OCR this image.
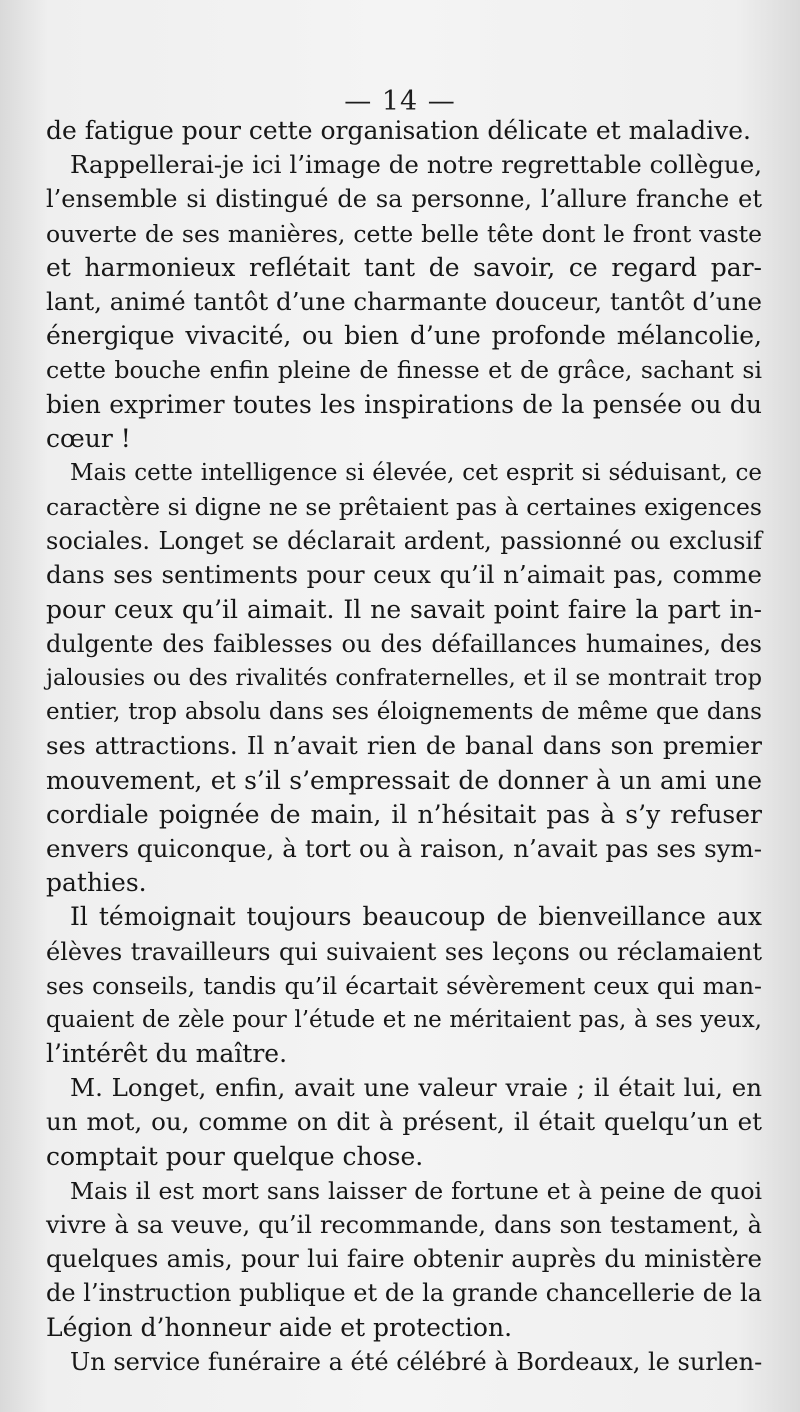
— 14 —
de fatigue pour cette organisation délicate et maladive.
Rappellerai-je ici l’image de notre regrettable collègue,
l’ensemble si distingué de sa personne, l’allure franche et
ouverte de ses manières, cette belle tête dont le front vaste
et harmonieux reflétait tant de savoir, ce regard par-
lant, animé tantôt d’une charmante douceur, tantôt d’une
énergique vivacité, ou bien d’une profonde mélancolie,
cette bouche enfin pleine de finesse et de grâce, sachant si
bien exprimer toutes les inspirations de la pensée ou du
cœur !
Mais cette intelligence si élevée, cet esprit si séduisant, ce
caractère si digne ne se prêtaient pas à certaines exigences
sociales. Longet se déclarait ardent, passionné ou exclusif
dans ses sentiments pour ceux qu’il n’aimait pas, comme
pour ceux qu’il aimait. Il ne savait point faire la part in-
dulgente des faiblesses ou des défaillances humaines, des
jalousies ou des rivalités confraternelles, et il se montrait trop
entier, trop absolu dans ses éloignements de même que dans
ses attractions. Il n’avait rien de banal dans son premier
mouvement, et s’il s’empressait de donner à un ami une
cordiale poignée de main, il n’hésitait pas à s’y refuser
envers quiconque, à tort ou à raison, n’avait pas ses sym-
pathies.
Il témoignait toujours beaucoup de bienveillance aux
élèves travailleurs qui suivaient ses leçons ou réclamaient
ses conseils, tandis qu’il écartait sévèrement ceux qui man-
quaient de zèle pour l’étude et ne méritaient pas, à ses yeux,
l’intérêt du maître.
M. Longet, enfin, avait une valeur vraie ; il était lui, en
un mot, ou, comme on dit à présent, il était quelqu’un et
comptait pour quelque chose.
Mais il est mort sans laisser de fortune et à peine de quoi
vivre à sa veuve, qu’il recommande, dans son testament, à
quelques amis, pour lui faire obtenir auprès du ministère
de l’instruction publique et de la grande chancellerie de la
Légion d’honneur aide et protection.
Un service funéraire a été célébré à Bordeaux, le surlen-
